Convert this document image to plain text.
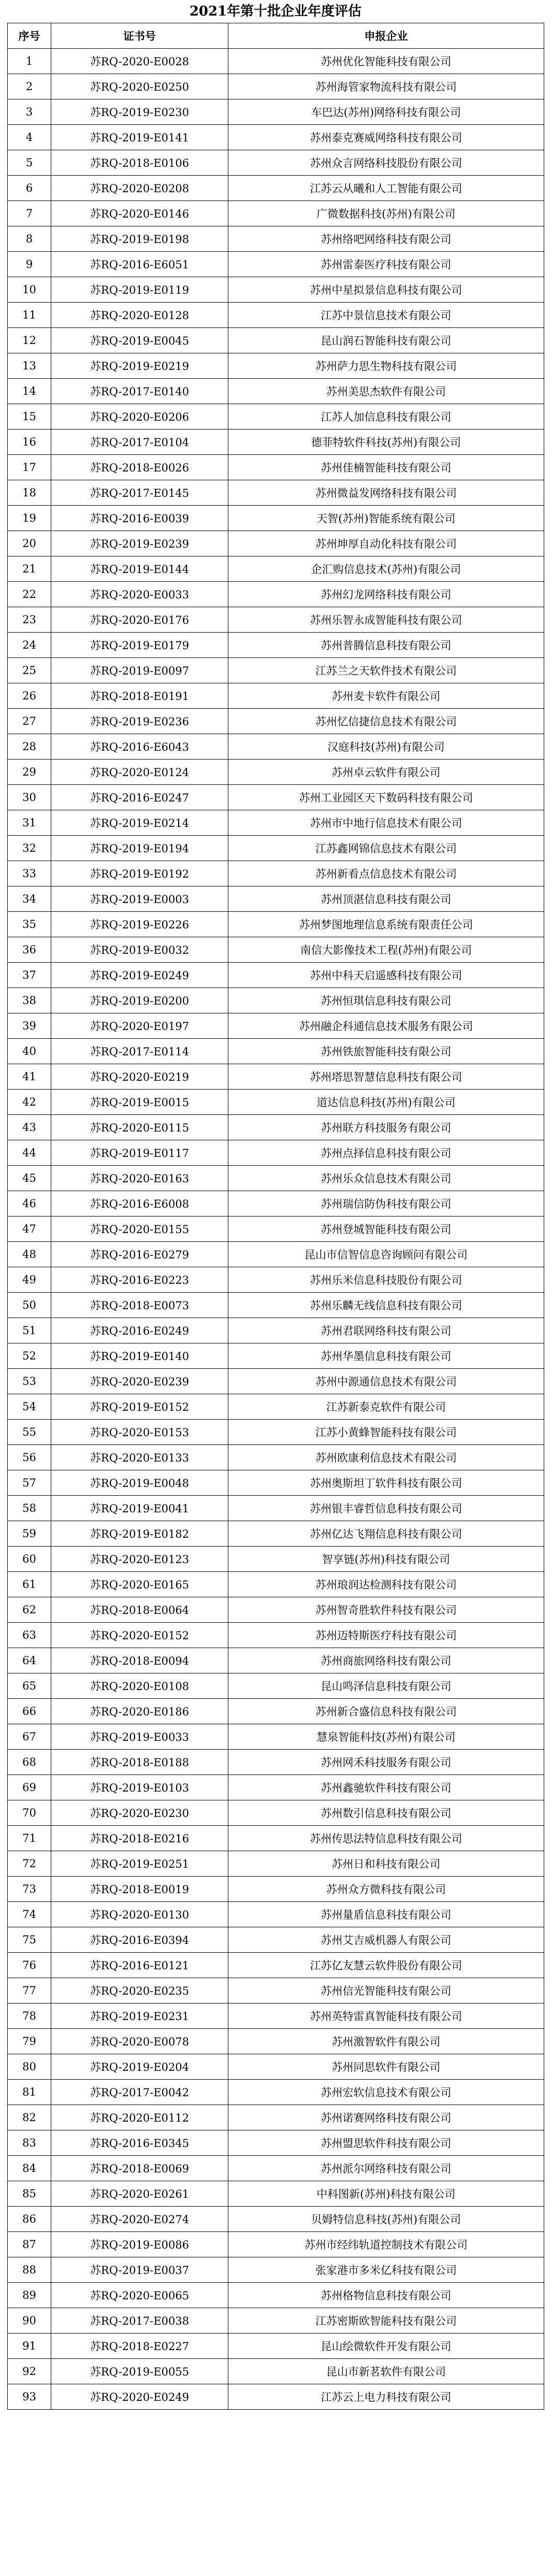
2021年第十批企业年度评估
序号	证书号	申报企业
1	苏RQ-2020-E0028	苏州优化智能科技有限公司
2	苏RQ-2020-E0250	苏州海管家物流科技有限公司
3	苏RQ-2019-E0230	车巴达(苏州)网络科技有限公司
4	苏RQ-2019-E0141	苏州泰克赛威网络科技有限公司
5	苏RQ-2018-E0106	苏州众言网络科技股份有限公司
6	苏RQ-2020-E0208	江苏云从曦和人工智能有限公司
7	苏RQ-2020-E0146	广微数据科技(苏州)有限公司
8	苏RQ-2019-E0198	苏州络吧网络科技有限公司
9	苏RQ-2016-E6051	苏州雷泰医疗科技有限公司
10	苏RQ-2019-E0119	苏州中星拟景信息科技有限公司
11	苏RQ-2020-E0128	江苏中景信息技术有限公司
12	苏RQ-2019-E0045	昆山润石智能科技有限公司
13	苏RQ-2019-E0219	苏州萨力思生物科技有限公司
14	苏RQ-2017-E0140	苏州美思杰软件有限公司
15	苏RQ-2020-E0206	江苏人加信息科技有限公司
16	苏RQ-2017-E0104	德菲特软件科技(苏州)有限公司
17	苏RQ-2018-E0026	苏州佳楠智能科技有限公司
18	苏RQ-2017-E0145	苏州微益发网络科技有限公司
19	苏RQ-2016-E0039	天智(苏州)智能系统有限公司
20	苏RQ-2019-E0239	苏州坤厚自动化科技有限公司
21	苏RQ-2019-E0144	企汇购信息技术(苏州)有限公司
22	苏RQ-2020-E0033	苏州幻龙网络科技有限公司
23	苏RQ-2020-E0176	苏州乐智永成智能科技有限公司
24	苏RQ-2019-E0179	苏州普腾信息科技有限公司
25	苏RQ-2019-E0097	江苏兰之天软件技术有限公司
26	苏RQ-2018-E0191	苏州麦卡软件有限公司
27	苏RQ-2019-E0236	苏州忆信捷信息技术有限公司
28	苏RQ-2016-E6043	汉庭科技(苏州)有限公司
29	苏RQ-2020-E0124	苏州卓云软件有限公司
30	苏RQ-2016-E0247	苏州工业园区天下数码科技有限公司
31	苏RQ-2019-E0214	苏州市中地行信息技术有限公司
32	苏RQ-2019-E0194	江苏鑫网锦信息技术有限公司
33	苏RQ-2019-E0192	苏州新看点信息技术有限公司
34	苏RQ-2019-E0003	苏州顶湛信息科技有限公司
35	苏RQ-2019-E0226	苏州梦图地理信息系统有限责任公司
36	苏RQ-2019-E0032	南信大影像技术工程(苏州)有限公司
37	苏RQ-2019-E0249	苏州中科天启遥感科技有限公司
38	苏RQ-2019-E0200	苏州恒琪信息科技有限公司
39	苏RQ-2020-E0197	苏州融企科通信息技术服务有限公司
40	苏RQ-2017-E0114	苏州铁旅智能科技有限公司
41	苏RQ-2020-E0219	苏州塔思智慧信息科技有限公司
42	苏RQ-2019-E0015	道达信息科技(苏州)有限公司
43	苏RQ-2020-E0115	苏州联方科技服务有限公司
44	苏RQ-2019-E0117	苏州点择信息科技有限公司
45	苏RQ-2020-E0163	苏州乐众信息技术有限公司
46	苏RQ-2016-E6008	苏州瑞信防伪科技有限公司
47	苏RQ-2020-E0155	苏州登城智能科技有限公司
48	苏RQ-2016-E0279	昆山市信智信息咨询顾问有限公司
49	苏RQ-2016-E0223	苏州乐米信息科技股份有限公司
50	苏RQ-2018-E0073	苏州乐麟无线信息科技有限公司
51	苏RQ-2016-E0249	苏州君联网络科技有限公司
52	苏RQ-2019-E0140	苏州华墨信息科技有限公司
53	苏RQ-2020-E0239	苏州中源通信息技术有限公司
54	苏RQ-2019-E0152	江苏新泰克软件有限公司
55	苏RQ-2020-E0153	江苏小黄蜂智能科技有限公司
56	苏RQ-2020-E0133	苏州欧康利信息技术有限公司
57	苏RQ-2019-E0048	苏州奥斯坦丁软件科技有限公司
58	苏RQ-2019-E0041	苏州银丰睿哲信息科技有限公司
59	苏RQ-2019-E0182	苏州亿达飞翔信息科技有限公司
60	苏RQ-2020-E0123	智享链(苏州)科技有限公司
61	苏RQ-2020-E0165	苏州琅润达检测科技有限公司
62	苏RQ-2018-E0064	苏州智奇胜软件科技有限公司
63	苏RQ-2020-E0152	苏州迈特斯医疗科技有限公司
64	苏RQ-2018-E0094	苏州商旅网络科技有限公司
65	苏RQ-2020-E0108	昆山鸣泽信息科技有限公司
66	苏RQ-2020-E0186	苏州新合盛信息科技有限公司
67	苏RQ-2019-E0033	慧泉智能科技(苏州)有限公司
68	苏RQ-2018-E0188	苏州网禾科技服务有限公司
69	苏RQ-2019-E0103	苏州鑫驰软件科技有限公司
70	苏RQ-2020-E0230	苏州数引信息科技有限公司
71	苏RQ-2018-E0216	苏州传思法特信息科技有限公司
72	苏RQ-2019-E0251	苏州日和科技有限公司
73	苏RQ-2018-E0019	苏州众方微科技有限公司
74	苏RQ-2020-E0130	苏州量盾信息科技有限公司
75	苏RQ-2016-E0394	苏州艾吉威机器人有限公司
76	苏RQ-2016-E0121	江苏亿友慧云软件股份有限公司
77	苏RQ-2020-E0235	苏州信光智能科技有限公司
78	苏RQ-2019-E0231	苏州英特雷真智能科技有限公司
79	苏RQ-2020-E0078	苏州激智软件有限公司
80	苏RQ-2019-E0204	苏州同思软件有限公司
81	苏RQ-2017-E0042	苏州宏软信息技术有限公司
82	苏RQ-2020-E0112	苏州诺赛网络科技有限公司
83	苏RQ-2016-E0345	苏州盟思软件科技有限公司
84	苏RQ-2018-E0069	苏州派尔网络科技有限公司
85	苏RQ-2020-E0261	中科图新(苏州)科技有限公司
86	苏RQ-2020-E0274	贝姆特信息科技(苏州)有限公司
87	苏RQ-2019-E0086	苏州市经纬轨道控制技术有限公司
88	苏RQ-2019-E0037	张家港市多米亿科技有限公司
89	苏RQ-2020-E0065	苏州格物信息科技有限公司
90	苏RQ-2017-E0038	江苏密斯欧智能科技有限公司
91	苏RQ-2018-E0227	昆山绘微软件开发有限公司
92	苏RQ-2019-E0055	昆山市新茗软件有限公司
93	苏RQ-2020-E0249	江苏云上电力科技有限公司
